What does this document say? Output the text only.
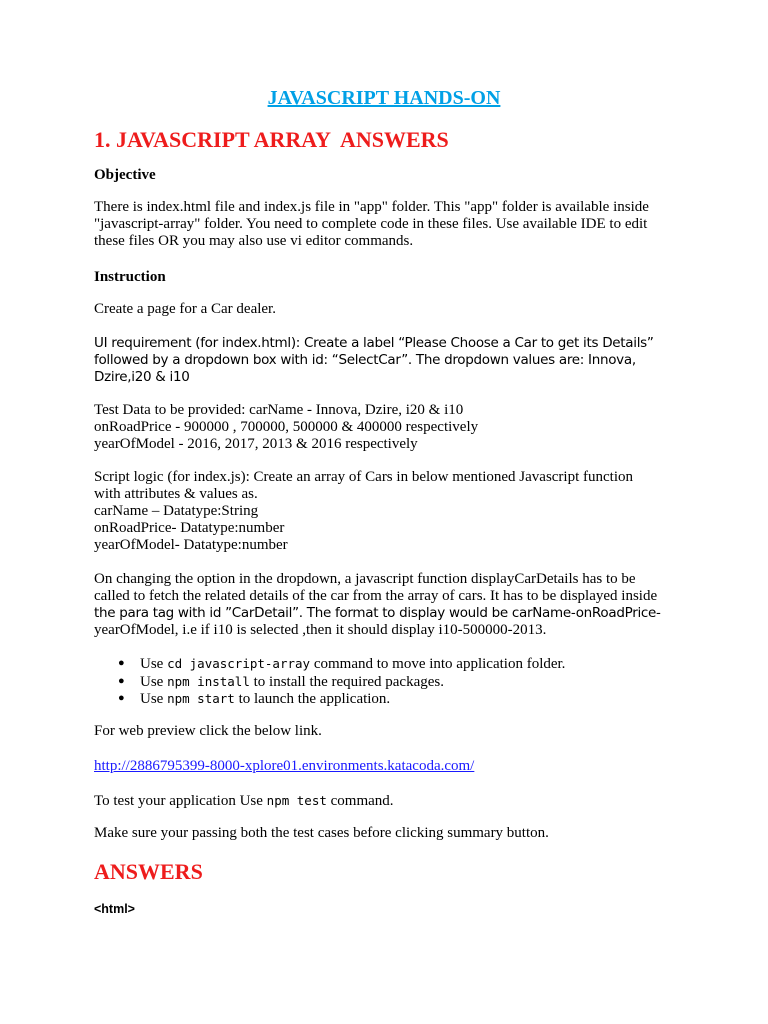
JAVASCRIPT HANDS-ON
1. JAVASCRIPT ARRAY  ANSWERS
Objective
There is index.html file and index.js file in "app" folder. This "app" folder is available inside
"javascript-array" folder. You need to complete code in these files. Use available IDE to edit
these files OR you may also use vi editor commands.
Instruction
Create a page for a Car dealer.
UI requirement (for index.html): Create a label “Please Choose a Car to get its Details”
followed by a dropdown box with id: “SelectCar”. The dropdown values are: Innova,
Dzire,i20 & i10
Test Data to be provided: carName - Innova, Dzire, i20 & i10
onRoadPrice - 900000 , 700000, 500000 & 400000 respectively
yearOfModel - 2016, 2017, 2013 & 2016 respectively
Script logic (for index.js): Create an array of Cars in below mentioned Javascript function
with attributes & values as.
carName – Datatype:String
onRoadPrice- Datatype:number
yearOfModel- Datatype:number
On changing the option in the dropdown, a javascript function displayCarDetails has to be
called to fetch the related details of the car from the array of cars. It has to be displayed inside
the para tag with id ”CarDetail”. The format to display would be carName-onRoadPrice-
yearOfModel, i.e if i10 is selected ,then it should display i10-500000-2013.
● Use cd javascript-array command to move into application folder.
● Use npm install to install the required packages.
● Use npm start to launch the application.
For web preview click the below link.
http://2886795399-8000-xplore01.environments.katacoda.com/
To test your application Use npm test command.
Make sure your passing both the test cases before clicking summary button.
ANSWERS
<html>
